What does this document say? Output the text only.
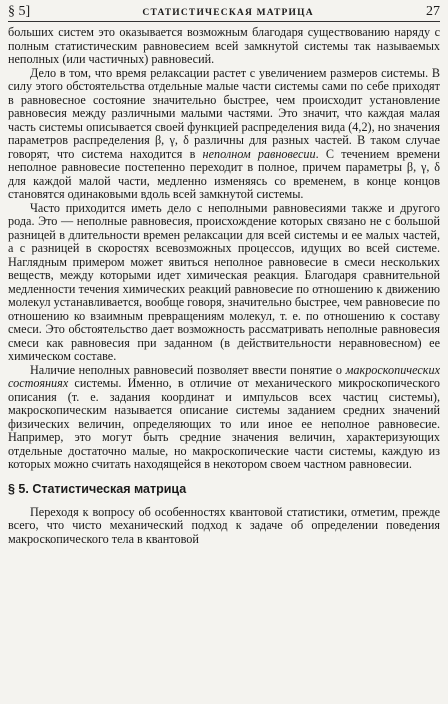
§ 5]	СТАТИСТИЧЕСКАЯ МАТРИЦА	27

больших систем это оказывается возможным благодаря существованию наряду с полным статистическим равновесием всей замкнутой системы так называемых неполных (или частичных) равновесий.

Дело в том, что время релаксации растет с увеличением размеров системы. В силу этого обстоятельства отдельные малые части системы сами по себе приходят в равновесное состояние значительно быстрее, чем происходит установление равновесия между различными малыми частями. Это значит, что каждая малая часть системы описывается своей функцией распределения вида (4,2), но значения параметров распределения β, γ, δ различны для разных частей. В таком случае говорят, что система находится в неполном равновесии. С течением времени неполное равновесие постепенно переходит в полное, причем параметры β, γ, δ для каждой малой части, медленно изменяясь со временем, в конце концов становятся одинаковыми вдоль всей замкнутой системы.

Часто приходится иметь дело с неполными равновесиями также и другого рода. Это — неполные равновесия, происхождение которых связано не с большой разницей в длительности времен релаксации для всей системы и ее малых частей, а с разницей в скоростях всевозможных процессов, идущих во всей системе. Наглядным примером может явиться неполное равновесие в смеси нескольких веществ, между которыми идет химическая реакция. Благодаря сравнительной медленности течения химических реакций равновесие по отношению к движению молекул устанавливается, вообще говоря, значительно быстрее, чем равновесие по отношению ко взаимным превращениям молекул, т. е. по отношению к составу смеси. Это обстоятельство дает возможность рассматривать неполные равновесия смеси как равновесия при заданном (в действительности неравновесном) ее химическом составе.

Наличие неполных равновесий позволяет ввести понятие о макроскопических состояниях системы. Именно, в отличие от механического микроскопического описания (т. е. задания координат и импульсов всех частиц системы), макроскопическим называется описание системы заданием средних значений физических величин, определяющих то или иное ее неполное равновесие. Например, это могут быть средние значения величин, характеризующих отдельные достаточно малые, но макроскопические части системы, каждую из которых можно считать находящейся в некотором своем частном равновесии.

§ 5. Статистическая матрица

Переходя к вопросу об особенностях квантовой статистики, отметим, прежде всего, что чисто механический подход к задаче об определении поведения макроскопического тела в квантовой
